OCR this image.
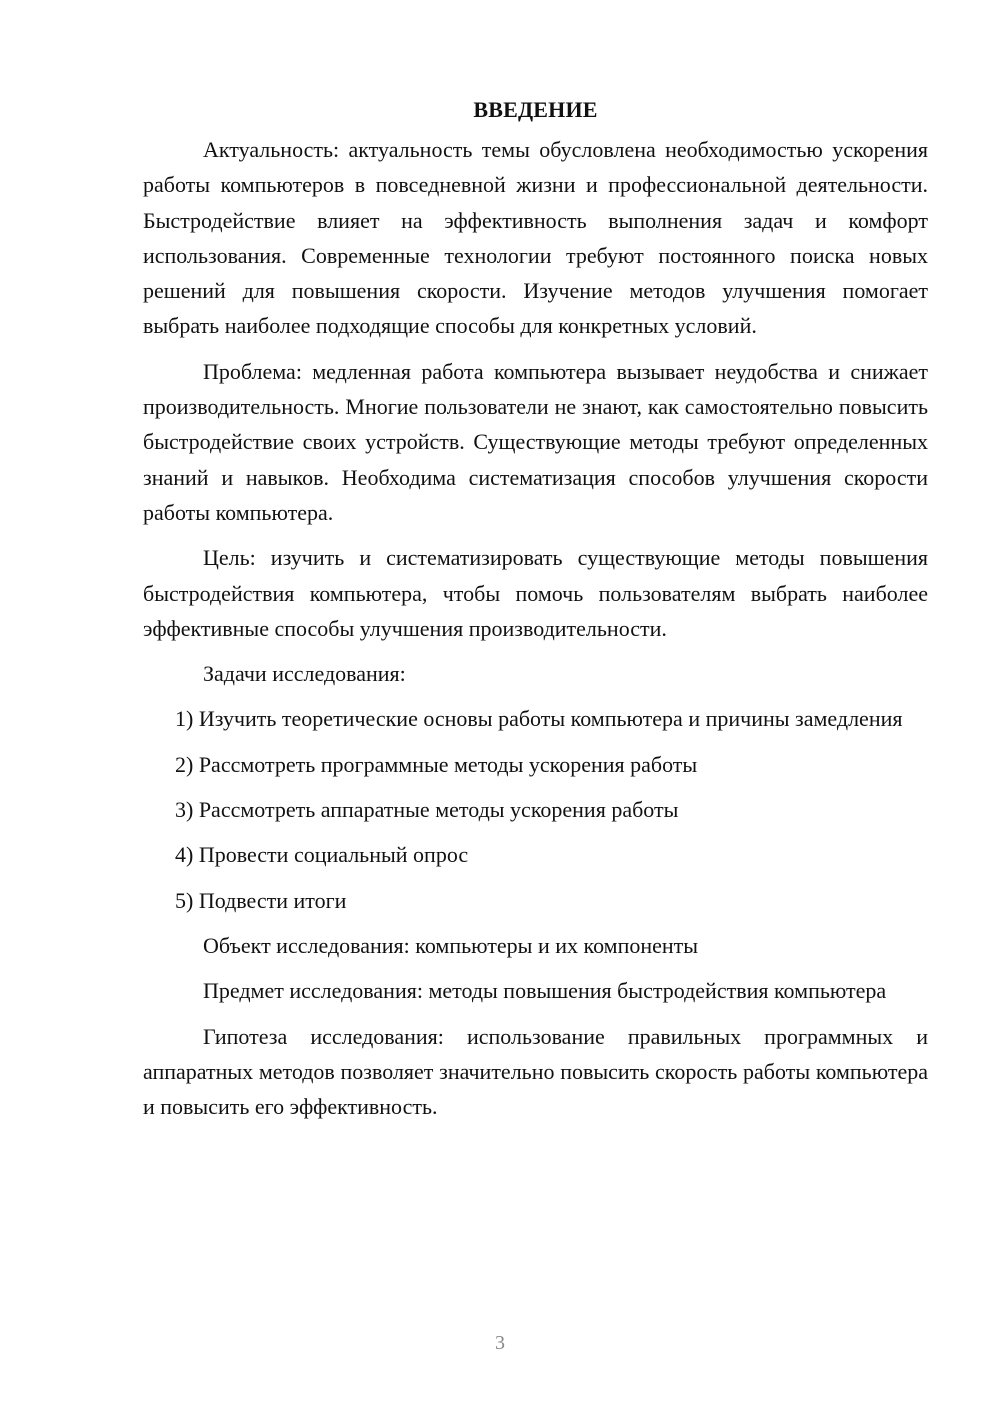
ВВЕДЕНИЕ

Актуальность: актуальность темы обусловлена необходимостью ускорения работы компьютеров в повседневной жизни и профессиональной деятельности. Быстродействие влияет на эффективность выполнения задач и комфорт использования. Современные технологии требуют постоянного поиска новых решений для повышения скорости. Изучение методов улучшения помогает выбрать наиболее подходящие способы для конкретных условий.

Проблема: медленная работа компьютера вызывает неудобства и снижает производительность. Многие пользователи не знают, как самостоятельно повысить быстродействие своих устройств. Существующие методы требуют определенных знаний и навыков. Необходима систематизация способов улучшения скорости работы компьютера.

Цель: изучить и систематизировать существующие методы повышения быстродействия компьютера, чтобы помочь пользователям выбрать наиболее эффективные способы улучшения производительности.

Задачи исследования:

1) Изучить теоретические основы работы компьютера и причины замедления

2) Рассмотреть программные методы ускорения работы

3) Рассмотреть аппаратные методы ускорения работы

4) Провести социальный опрос

5) Подвести итоги

Объект исследования: компьютеры и их компоненты

Предмет исследования: методы повышения быстродействия компьютера

Гипотеза исследования: использование правильных программных и аппаратных методов позволяет значительно повысить скорость работы компьютера и повысить его эффективность.

3
